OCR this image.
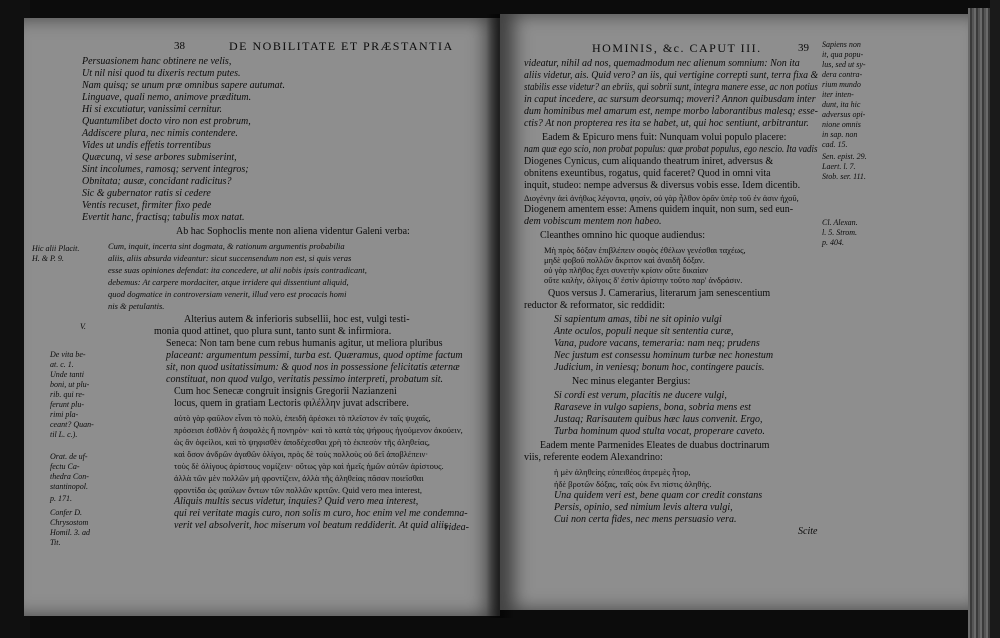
38	DE NOBILITATE ET PRÆSTANTIA
Persuasionem hanc obtinere ne velis,
Ut nil nisi quod tu dixeris rectum putes.
Nam quisq; se unum præ omnibus sapere autumat.
Linguave, quali nemo, animove præditum.
Hi si excutiatur, vanissimi cernitur.
Quantumlibet docto viro non est probrum,
Addiscere plura, nec nimis contendere.
Vides ut undis effetis torrentibus
Quæcunq, vi sese arbores submiserint,
Sint incolumes, ramosq; servent integros;
Obnitata; ausæ, concidant radicitus?
Sic & gubernator ratis si cedere
Ventis recuset, firmiter fixo pede
Evertit hanc, fractisq; tabulis mox natat.
Ab hac Sophoclis mente non aliena videntur Galeni verba:
Cum, inquit, incerta sint dogmata, & rationum argumentis probabilia
aliis, aliis absurda videantur: sicut succensendum non est, si quis veras
esse suas opiniones defendat: ita concedere, ut alii nobis ipsis contradicant,
debemus: At carpere mordaciter, atque irridere qui dissentiunt aliquid,
quod dogmatice in controversiam venerit, illud vero est procacis homi
nis & petulantis.
Alterius autem & inferioris subsellii, hoc est, vulgi testi-
monia quod attinet, quo plura sunt, tanto sunt & infirmiora.
Seneca: Non tam bene cum rebus humanis agitur, ut meliora pluribus
placeant: argumentum pessimi, turba est. Quæramus, quod optime factum
sit, non quod usitatissimum: & quod nos in possessione felicitatis æternæ
constituat, non quod vulgo, veritatis pessimo interpreti, probatum sit.
Cum hoc Senecæ congruit insignis Gregorii Nazianzeni
locus, quem in gratiam Lectoris φιλέλλην juvat adscribere.
αὐτὸ γὰρ φαῦλον εἶναι τὸ πολὺ, ἐπειδὴ ἀρέσκει τὸ πλεῖστον ἐν ταῖς ψυχαῖς,
πρόσεισι ἐσθλὸν ἢ ἀσφαλὲς ἢ πονηρὸν· καὶ τὸ κατὰ τὰς ψήφους ἡγούμενον ἀκούειν,
ὡς ἂν ὀφείλοι, καὶ τὸ ψηφισθὲν ἀποδέχεσθαι χρὴ τὸ ἐκπεσὸν τῆς ἀληθείας,
καὶ ὅσον ἀνδρῶν ἀγαθῶν ὀλίγοι, πρὸς δὲ τοὺς πολλοὺς οὐ δεῖ ἀποβλέπειν·
τοὺς δὲ ὀλίγους ἀρίστους νομίζειν· οὕτως γὰρ καὶ ἡμεῖς ἡμῶν αὐτῶν ἀρίστους.
ἀλλὰ τῶν μὲν πολλῶν μὴ φροντίζειν, ἀλλὰ τῆς ἀληθείας πᾶσαν ποιεῖσθαι
φροντίδα ὡς φαύλων ὄντων τῶν πολλῶν κριτῶν. Quid vero mea interest,
Aliquis multis secus videtur, inquies? Quid vero mea interest,
qui rei veritate magis curo, non solis m curo, hoc enim vel me condemna-
verit vel absolverit, hoc miserum vol beatum reddiderit. At quid aliis
Hic alii Placit.
H. & P. 9.
V.
De vita be-
at. c. 1.
Unde tanti
boni, ut plu-
rib. qui re-
ferunt plu-
rimi pla-
ceant? Quan-
til L. c.).
Orat. de uf-
fectu Ca-
thedra Con-
stantinopol.
p. 171.
Confer D.
Chrysostom
Homil. 3. ad
Tit.
videa-
HOMINIS, &c. CAPUT III.	39
videatur, nihil ad nos, quemadmodum nec alienum somnium: Non ita
aliis videtur, ais. Quid vero? an iis, qui vertigine correpti sunt, terra fixa &
stabilis esse videtur? an ebriis, qui sobrii sunt, integra manere esse, ac non potius
in caput incedere, ac sursum deorsumq; moveri? Annon quibusdam inter
dum hominibus mel amarum est, nempe morbo laborantibus malesq; esse-
ctis? At non propterea res ita se habet, ut, qui hoc sentiunt, arbitrantur.
Eadem & Epicuro mens fuit: Nunquam volui populo placere:
nam quæ ego scio, non probat populus: quæ probat populus, ego nescio. Ita vadis
Diogenes Cynicus, cum aliquando theatrum iniret, adversus &
obnitens exeuntibus, rogatus, quid faceret? Quod in omni vita
inquit, studeo: nempe adversus & diversus vobis esse. Idem dicentib.
Διογένην ἀεὶ ἀνήθως λέγοντα, φησίν, οὐ γὰρ ἦλθον ὁρᾶν ὑπὲρ τοῦ ἐν ἀσιν ἠχοῦ,
Diogenem amentem esse: Amens quidem inquit, non sum, sed eun-
dem vobiscum mentem non habeo.
Cleanthes omnino hic quoque audiendus:
Μὴ πρὸς δόξαν ἐπιβλέπειν σοφὸς ἐθέλων γενέσθαι ταχέως,
μηδὲ φοβοῦ πολλῶν ἄκριτον καὶ ἀναιδῆ δόξαν.
οὐ γὰρ πλῆθος ἔχει συνετὴν κρίσιν οὔτε δικαίαν
οὔτε καλὴν, ὀλίγοις δ' ἐστὶν ἀρίστην τοῦτο παρ' ἀνδράσιν.
Quos versus J. Camerarius, literarum jam senescentium
reductor & reformator, sic reddidit:
Si sapientum amas, tibi ne sit opinio vulgi
Ante oculos, populi neque sit sententia curæ,
Vana, pudore vacans, temeraria: nam neq; prudens
Nec justum est consessu hominum turbæ nec honestum
Judicium, in veniesq; bonum hoc, contingere paucis.
Nec minus eleganter Bergius:
Si cordi est verum, placitis ne ducere vulgi,
Raraseve in vulgo sapiens, bona, sobria mens est
Justaq; Rarisautem quibus hæc laus convenit. Ergo,
Turba hominum quod stulta vocat, properare caveto.
Eadem mente Parmenides Eleates de duabus doctrinarum
viis, referente eodem Alexandrino:
ἡ μὲν ἀληθείης εὐπειθέος ἀτρεμὲς ἦτορ,
ἠδὲ βροτῶν δόξας, ταῖς οὐκ ἔνι πίστις ἀληθής.
Una quidem veri est, bene quam cor credit constans
Persis, opinio, sed nimium levis altera vulgi,
Cui non certa fides, nec mens persuasio vera.
Sapiens non
it, qua popu-
lus, sed ut sy-
dera contra-
rium mundo
iter inten-
dunt, ita hic
adversus opi-
nione omnis
in sap. non
cad. 15.
Sen. epist. 29.
Laert. l. 7.
Stob. ser. 111.
Cl. Alexan.
l. 5. Strom.
p. 404.
Scite
